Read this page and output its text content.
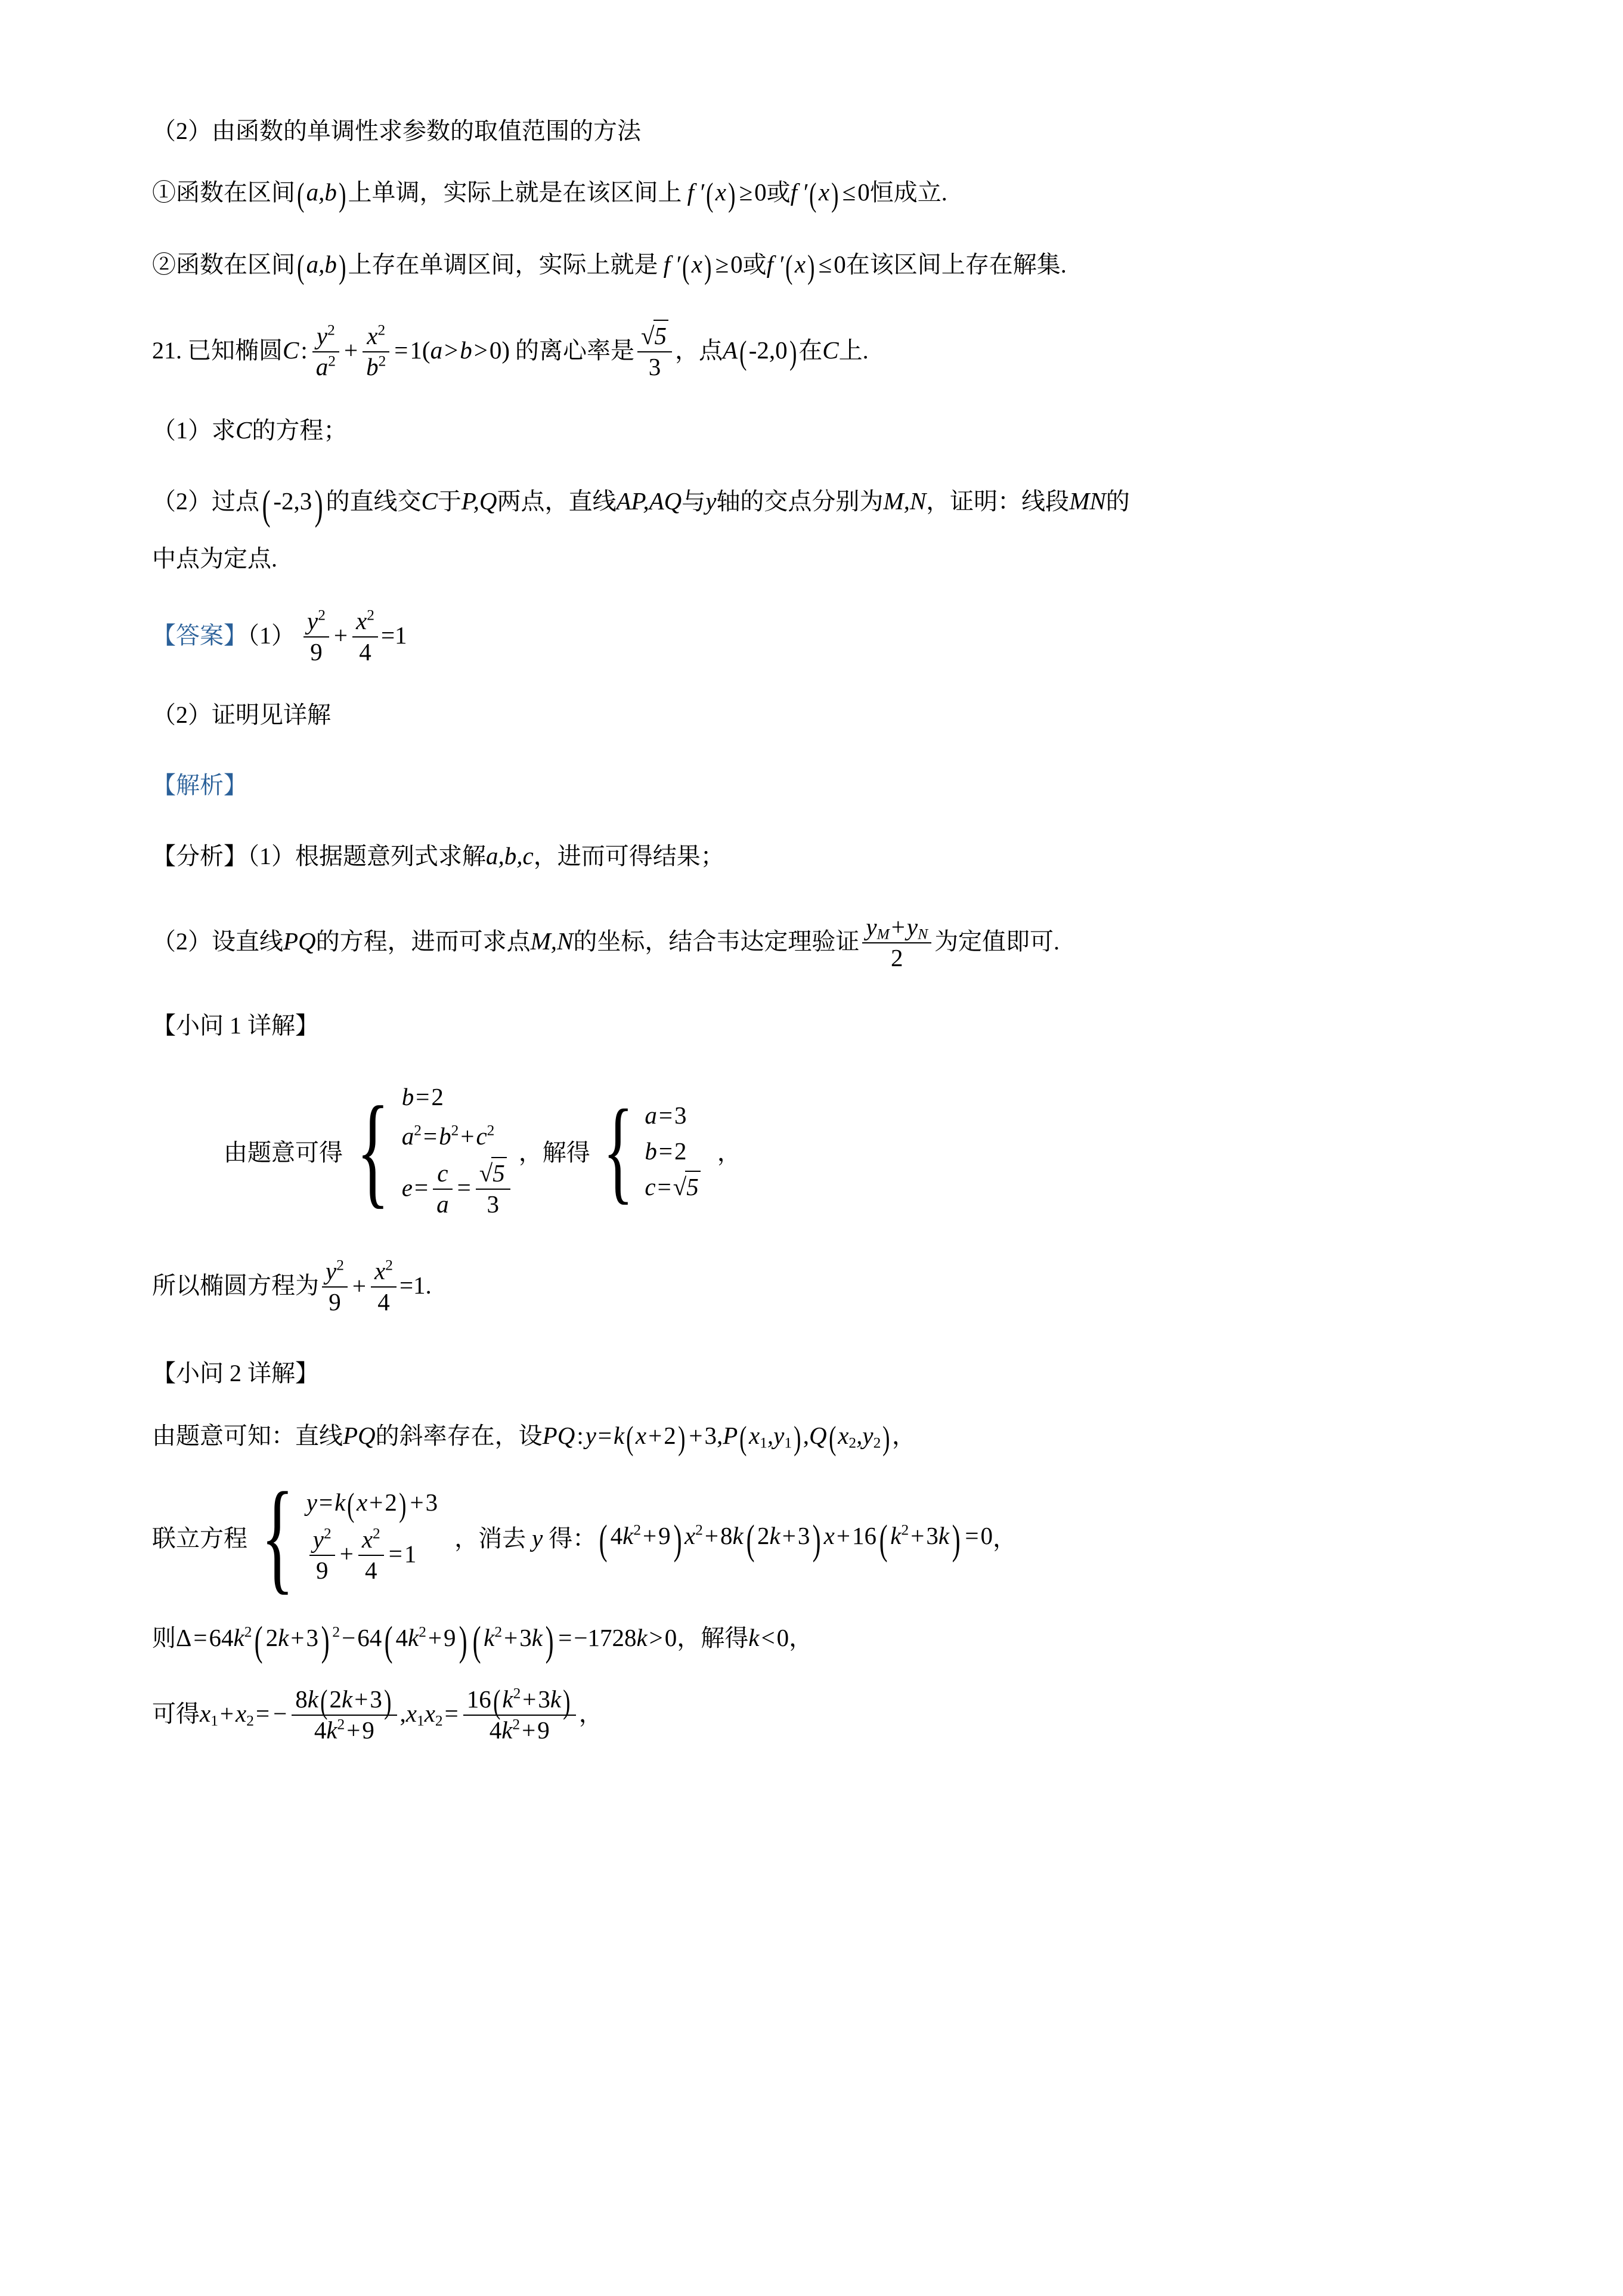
（2）由函数的单调性求参数的取值范围的方法
①函数在区间(a,b)上单调，实际上就是在该区间上 f ′(x) ≥0或f ′(x) ≤0恒成立.
②函数在区间(a,b)上存在单调区间，实际上就是 f ′(x) ≥0或f ′(x) ≤0在该区间上存在解集.
21. 已知椭圆C: $\frac{y^2}{a^2} + \frac{x^2}{b^2} =1(a>b>0)$ 的离心率是 $\frac{√5}{3}$ ，点A(-2,0)在C上.
（1）求C的方程；
（2）过点( -2,3) 的直线交C于P,Q两点，直线AP,AQ与y轴的交点分别为M,N，证明：线段MN的
中点为定点.
【答案】$(1) \frac{y^2}{9} + \frac{x^2}{4} =1$
（2）证明见详解
【解析】
【分析】（1）根据题意列式求解a,b,c，进而可得结果；
（2）设直线PQ的方程，进而可求点M,N的坐标，结合韦达定理验证 $\frac{y_M+y_N}{2}$ 为定值即可.
【小问 1 详解】
由题意可得 { b=2
$a^2=b^2+c^2$
$e= \frac{c}{a} = \frac{√5}{3}$
， 解得 { a=3
b=2
c=√5
，
所以椭圆方程为 $\frac{y^2}{9} + \frac{x^2}{4} =1$.
【小问 2 详解】
由题意可知：直线PQ的斜率存在，设PQ:y=k(x+2) $+3,P(x_1,y_1),Q(x_2,y_2)$，
联立方程 { y=k(x+2) +3
$\frac{y^2}{9} + \frac{x^2}{4} =1$
，消去 y 得： ( $4k^2+9$) $x^2+8k$( 2k+3) x+16( $k^2+3k) =0$ ，
则$\Delta=64k^2$( 2k+3) $^2$−64( $4k^2+9$) ( $k^2+3k) =-1728k>0$，解得k<0，
可得$x_1+x_2= - \frac{8k(2k+3)}{4k^2+9} ,x_1x_2= \frac{16(k^2+3k)}{4k^2+9}$ ，
